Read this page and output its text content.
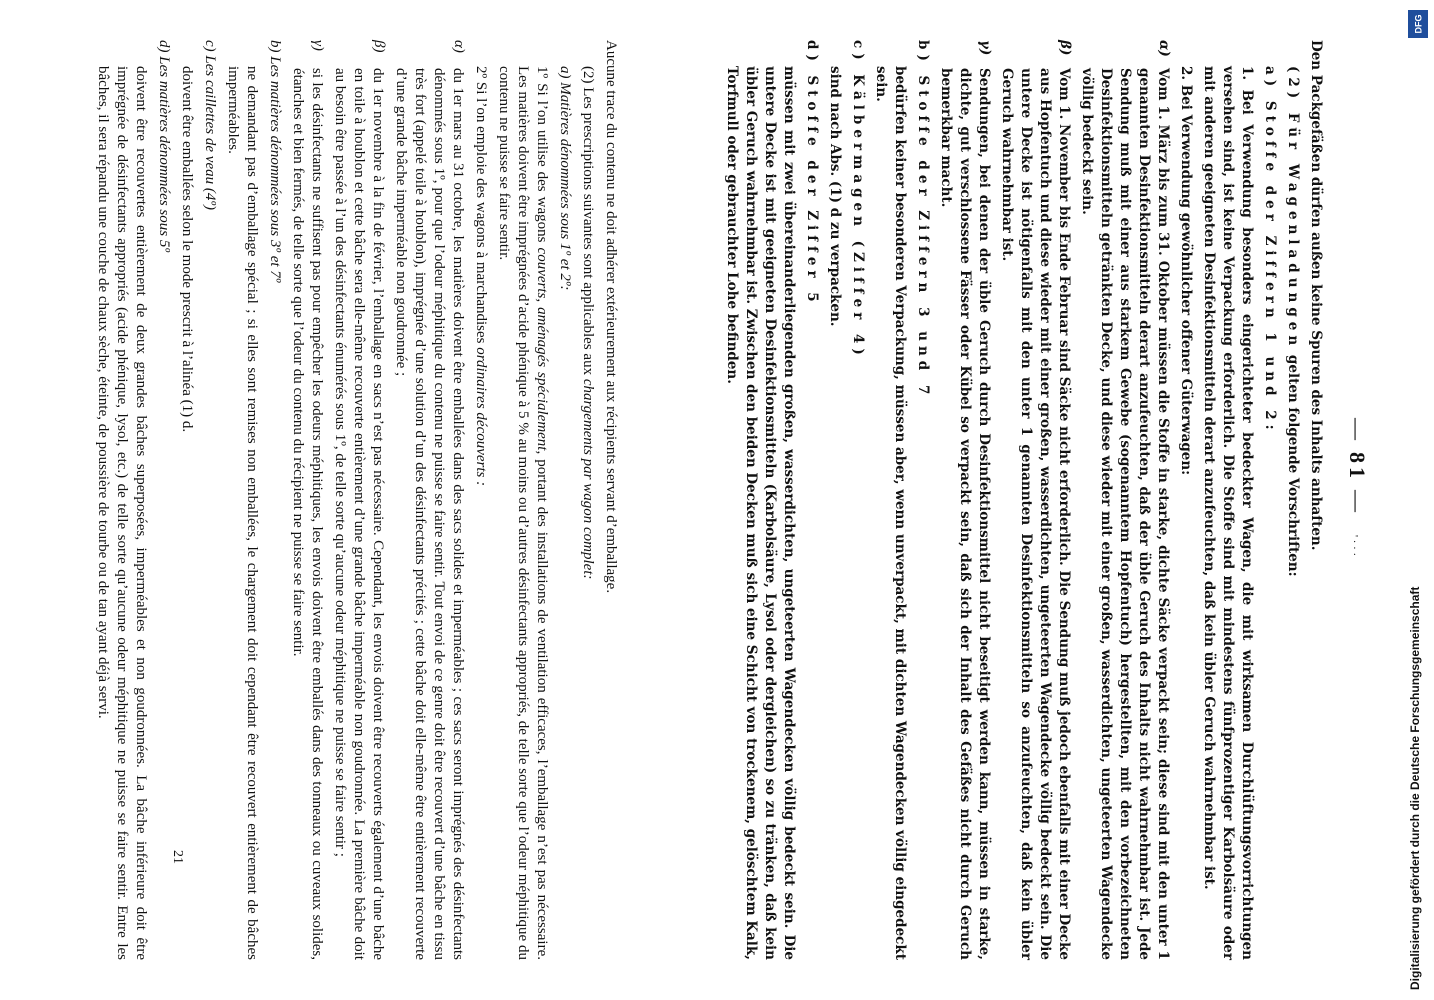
—81—
' · · ·

Den Packgefäßen dürfen außen keine Spuren des Inhalts anhaften.

(2) Für Wagenladungen gelten folgende Vorschriften:

a) Stoffe der Ziffern 1 und 2:

1. Bei Verwendung besonders eingerichteter bedeckter Wagen, die mit wirksamen Durchlüftungsvorrichtungen versehen sind, ist keine Verpackung erforderlich. Die Stoffe sind mit mindestens fünfprozentiger Karbolsäure oder mit anderen geeigneten Desinfektionsmitteln derart anzufeuchten, daß kein übler Geruch wahrnehmbar ist.

2. Bei Verwendung gewöhnlicher offener Güterwagen:

α)

Vom 1. März bis zum 31. Oktober müssen die Stoffe in starke, dichte Säcke verpackt sein; diese sind mit den unter 1 genannten Desinfektionsmitteln derart anzufeuchten, daß der üble Geruch des Inhalts nicht wahrnehmbar ist. Jede Sendung muß mit einer aus starkem Gewebe (sogenanntem Hopfentuch) hergestellten, mit den vorbezeichneten Desinfektionsmitteln getränkten Decke, und diese wieder mit einer großen, wasserdichten, ungeteerten Wagendecke völlig bedeckt sein.

β)

Vom 1. November bis Ende Februar sind Säcke nicht erforderlich. Die Sendung muß jedoch ebenfalls mit einer Decke aus Hopfentuch und diese wieder mit einer großen, wasserdichten, ungeteerten Wagendecke völlig bedeckt sein. Die untere Decke ist nötigenfalls mit den unter 1 genannten Desinfektionsmitteln so anzufeuchten, daß kein übler Geruch wahrnehmbar ist.

γ)

Sendungen, bei denen der üble Geruch durch Desinfektionsmittel nicht beseitigt werden kann, müssen in starke, dichte, gut verschlossene Fässer oder Kübel so verpackt sein, daß sich der Inhalt des Gefäßes nicht durch Geruch bemerkbar macht.

b) Stoffe der Ziffern 3 und 7

bedürfen keiner besonderen Verpackung, müssen aber, wenn unverpackt, mit dichten Wagendecken völlig eingedeckt sein.

c) Kälbermagen (Ziffer 4)

sind nach Abs. (1) d zu verpacken.

d) Stoffe der Ziffer 5

müssen mit zwei übereinanderliegenden großen, wasserdichten, ungeteerten Wagendecken völlig bedeckt sein. Die untere Decke ist mit geeigneten Desinfektionsmitteln (Karbolsäure, Lysol oder dergleichen) so zu tränken, daß kein übler Geruch wahrnehmbar ist. Zwischen den beiden Decken muß sich eine Schicht von trockenem, gelöschtem Kalk, Torfmull oder gebrauchter Lohe befinden.

Aucune trace du contenu ne doit adhérer extérieurement aux récipients servant d’emballage.

(2) Les prescriptions suivantes sont applicables aux chargements par wagon complet:

a) Matières dénommées sous 1º et 2º:

1º Si l’on utilise des wagons couverts, aménagés spécialement, portant des installations de ventilation efficaces, l’emballage n’est pas nécessaire. Les matières doivent être imprégnées d’acide phénique à 5 % au moins ou d’autres désinfectants appropriés, de telle sorte que l’odeur méphitique du contenu ne puisse se faire sentir.

2º Si l’on emploie des wagons à marchandises ordinaires découverts :

α)

du 1er mars au 31 octobre, les matières doivent être emballées dans des sacs solides et imperméables ; ces sacs seront imprégnés des désinfectants dénommés sous 1º, pour que l’odeur méphitique du contenu ne puisse se faire sentir. Tout envoi de ce genre doit être recouvert d’une bâche en tissu très fort (appelé toile à houblon), imprégnée d’une solution d’un des désinfectants précités ; cette bâche doit elle-même être entièrement recouverte d’une grande bâche imperméable non goudronnée ;

β)

du 1er novembre à la fin de février, l’emballage en sacs n’est pas nécessaire. Cependant, les envois doivent être recouverts également d’une bâche en toile à houblon et cette bâche sera elle-même recouverte entièrement d’une grande bâche imperméable non goudronnée. La première bâche doit au besoin être passée à l’un des désinfectants énumérés sous 1º, de telle sorte qu’aucune odeur méphitique ne puisse se faire sentir ;

γ)

si les désinfectants ne suffisent pas pour empêcher les odeurs méphitiques, les envois doivent être emballés dans des tonneaux ou cuveaux solides, étanches et bien fermés, de telle sorte que l’odeur du contenu du récipient ne puisse se faire sentir.

b) Les matières dénommées sous 3º et 7º

ne demandant pas d’emballage spécial ; si elles sont remises non emballées, le chargement doit cependant être recouvert entièrement de bâches imperméables.

c) Les caillettes de veau (4º)

doivent être emballées selon le mode prescrit à l’alinéa (1) d.

d) Les matières dénommées sous 5º

doivent être recouvertes entièrement de deux grandes bâches superposées, imperméables et non goudronnées. La bâche inférieure doit être imprégnée de désinfectants appropriés (acide phénique, lysol, etc.) de telle sorte qu’aucune odeur méphitique ne puisse se faire sentir. Entre les bâches, il sera répandu une couche de chaux sèche, éteinte, de poussière de tourbe ou de tan ayant déjà servi.

21
DFG
Digitalisierung gefördert durch die Deutsche Forschungsgemeinschaft
